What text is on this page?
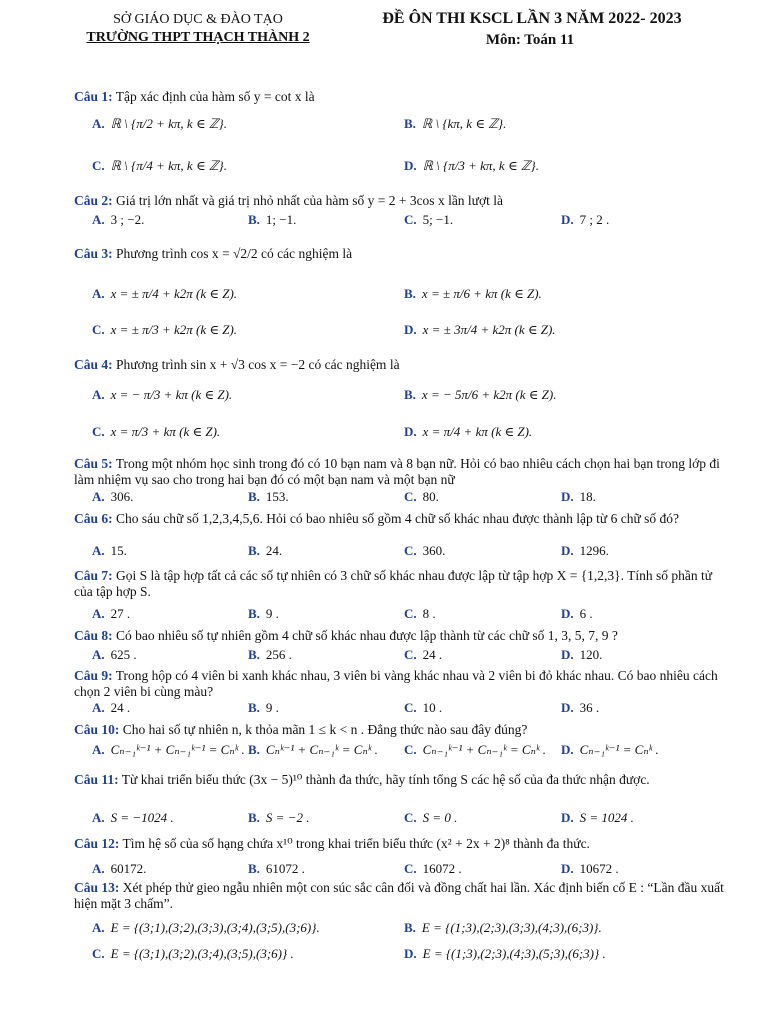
SỞ GIÁO DỤC & ĐÀO TẠO
TRƯỜNG THPT THẠCH THÀNH 2
ĐỀ ÔN THI KSCL LẦN 3 NĂM 2022- 2023
Môn: Toán 11
Câu 1: Tập xác định của hàm số y = cot x là
A. ℝ \ {π/2 + kπ, k ∈ ℤ}.	B. ℝ \ {kπ, k ∈ ℤ}.
C. ℝ \ {π/4 + kπ, k ∈ ℤ}.	D. ℝ \ {π/3 + kπ, k ∈ ℤ}.
Câu 2: Giá trị lớn nhất và giá trị nhỏ nhất của hàm số y = 2 + 3cos x lần lượt là
A. 3 ; −2.	B. 1; −1.	C. 5; −1.	D. 7 ; 2 .
Câu 3: Phương trình cos x = √2/2 có các nghiệm là
A. x = ± π/4 + k2π (k ∈ Z).	B. x = ± π/6 + kπ (k ∈ Z).
C. x = ± π/3 + k2π (k ∈ Z).	D. x = ± 3π/4 + k2π (k ∈ Z).
Câu 4: Phương trình sin x + √3 cos x = −2 có các nghiệm là
A. x = − π/3 + kπ (k ∈ Z).	B. x = − 5π/6 + k2π (k ∈ Z).
C. x = π/3 + kπ (k ∈ Z).	D. x = π/4 + kπ (k ∈ Z).
Câu 5: Trong một nhóm học sinh trong đó có 10 bạn nam và 8 bạn nữ. Hỏi có bao nhiêu cách chọn hai bạn trong lớp đi làm nhiệm vụ sao cho trong hai bạn đó có một bạn nam và một bạn nữ
A. 306.	B. 153.	C. 80.	D. 18.
Câu 6: Cho sáu chữ số 1,2,3,4,5,6. Hỏi có bao nhiêu số gồm 4 chữ số khác nhau được thành lập từ 6 chữ số đó?
A. 15.	B. 24.	C. 360.	D. 1296.
Câu 7: Gọi S là tập hợp tất cả các số tự nhiên có 3 chữ số khác nhau được lập từ tập hợp X = {1,2,3}. Tính số phần tử của tập hợp S.
A. 27 .	B. 9 .	C. 8 .	D. 6 .
Câu 8: Có bao nhiêu số tự nhiên gồm 4 chữ số khác nhau được lập thành từ các chữ số 1, 3, 5, 7, 9 ?
A. 625 .	B. 256 .	C. 24 .	D. 120.
Câu 9: Trong hộp có 4 viên bi xanh khác nhau, 3 viên bi vàng khác nhau và 2 viên bi đỏ khác nhau. Có bao nhiêu cách chọn 2 viên bi cùng màu?
A. 24 .	B. 9 .	C. 10 .	D. 36 .
Câu 10: Cho hai số tự nhiên n, k thỏa mãn 1 ≤ k < n . Đẳng thức nào sau đây đúng?
A. Cₙ₋₁ᵏ⁻¹ + Cₙ₋₁ᵏ⁻¹ = Cₙᵏ . B. Cₙᵏ⁻¹ + Cₙ₋₁ᵏ = Cₙᵏ . C. Cₙ₋₁ᵏ⁻¹ + Cₙ₋₁ᵏ = Cₙᵏ . D. Cₙ₋₁ᵏ⁻¹ = Cₙᵏ .
Câu 11: Từ khai triển biểu thức (3x − 5)¹⁰ thành đa thức, hãy tính tổng S các hệ số của đa thức nhận được.
A. S = −1024 .	B. S = −2 .	C. S = 0 .	D. S = 1024 .
Câu 12: Tìm hệ số của số hạng chứa x¹⁰ trong khai triển biểu thức (x² + 2x + 2)⁸ thành đa thức.
A. 60172.	B. 61072 .	C. 16072 .	D. 10672 .
Câu 13: Xét phép thử gieo ngẫu nhiên một con súc sắc cân đối và đồng chất hai lần. Xác định biến cố E : “Lần đầu xuất hiện mặt 3 chấm”.
A. E = {(3;1),(3;2),(3;3),(3;4),(3;5),(3;6)}.	B. E = {(1;3),(2;3),(3;3),(4;3),(6;3)}.
C. E = {(3;1),(3;2),(3;4),(3;5),(3;6)} .	D. E = {(1;3),(2;3),(4;3),(5;3),(6;3)} .
